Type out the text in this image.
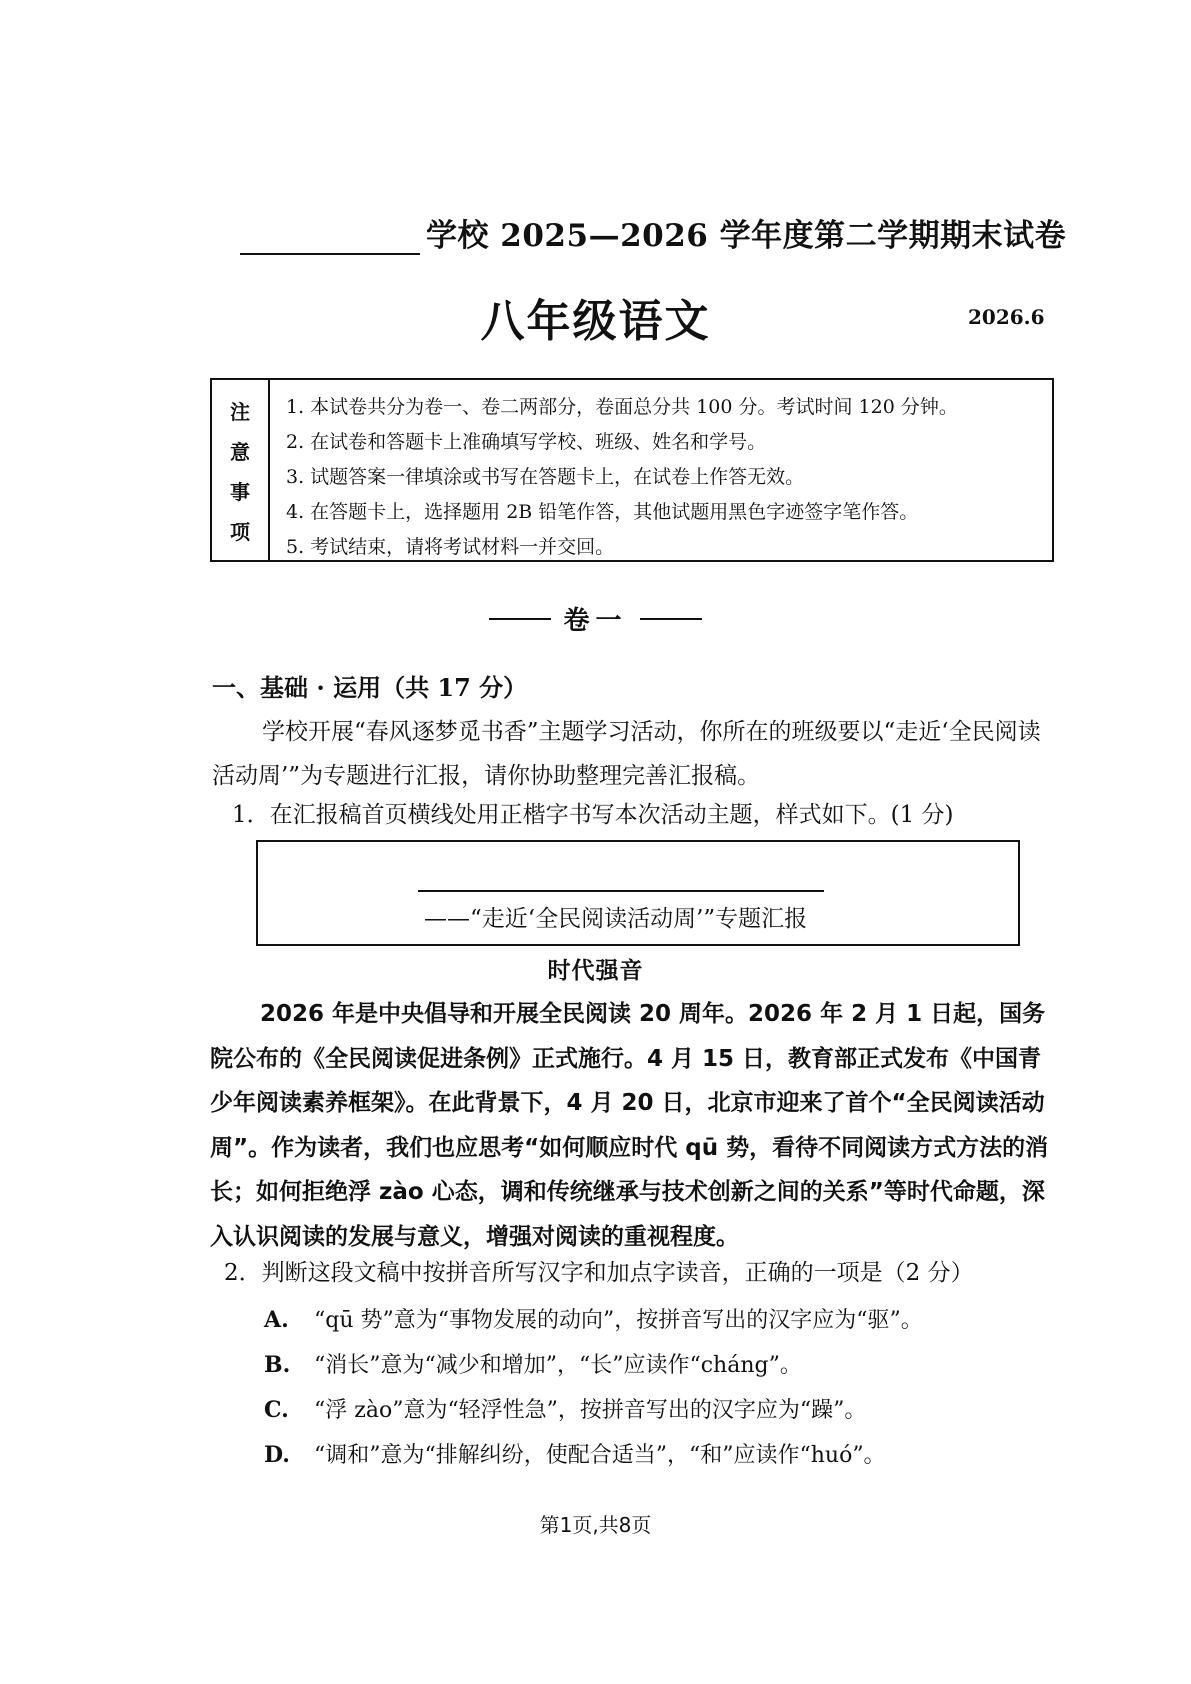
学校 2025—2026 学年度第二学期期末试卷
八年级语文	2026.6
注
意
事
项
1. 本试卷共分为卷一、卷二两部分，卷面总分共 100 分。考试时间 120 分钟。
2. 在试卷和答题卡上准确填写学校、班级、姓名和学号。
3. 试题答案一律填涂或书写在答题卡上，在试卷上作答无效。
4. 在答题卡上，选择题用 2B 铅笔作答，其他试题用黑色字迹签字笔作答。
5. 考试结束，请将考试材料一并交回。
卷一
一、基础 · 运用（共 17 分）
学校开展“春风逐梦觅书香”主题学习活动，你所在的班级要以“走近‘全民阅读活动周’”为专题进行汇报，请你协助整理完善汇报稿。
1．在汇报稿首页横线处用正楷字书写本次活动主题，样式如下。(1 分)
——“走近‘全民阅读活动周’”专题汇报
时代强音
2026 年是中央倡导和开展全民阅读 20 周年。2026 年 2 月 1 日起，国务院公布的《全民阅读促进条例》正式施行。4 月 15 日，教育部正式发布《中国青少年阅读素养框架》。在此背景下，4 月 20 日，北京市迎来了首个“全民阅读活动周”。作为读者，我们也应思考“如何顺应时代 qū 势，看待不同阅读方式方法的消长；如何拒绝浮 zào 心态，调和传统继承与技术创新之间的关系”等时代命题，深入认识阅读的发展与意义，增强对阅读的重视程度。
2．判断这段文稿中按拼音所写汉字和加点字读音，正确的一项是（2 分）
A. “qū 势”意为“事物发展的动向”，按拼音写出的汉字应为“驱”。
B. “消长”意为“减少和增加”，“长”应读作“cháng”。
C. “浮 zào”意为“轻浮性急”，按拼音写出的汉字应为“躁”。
D. “调和”意为“排解纠纷，使配合适当”，“和”应读作“huó”。
第1页,共8页
